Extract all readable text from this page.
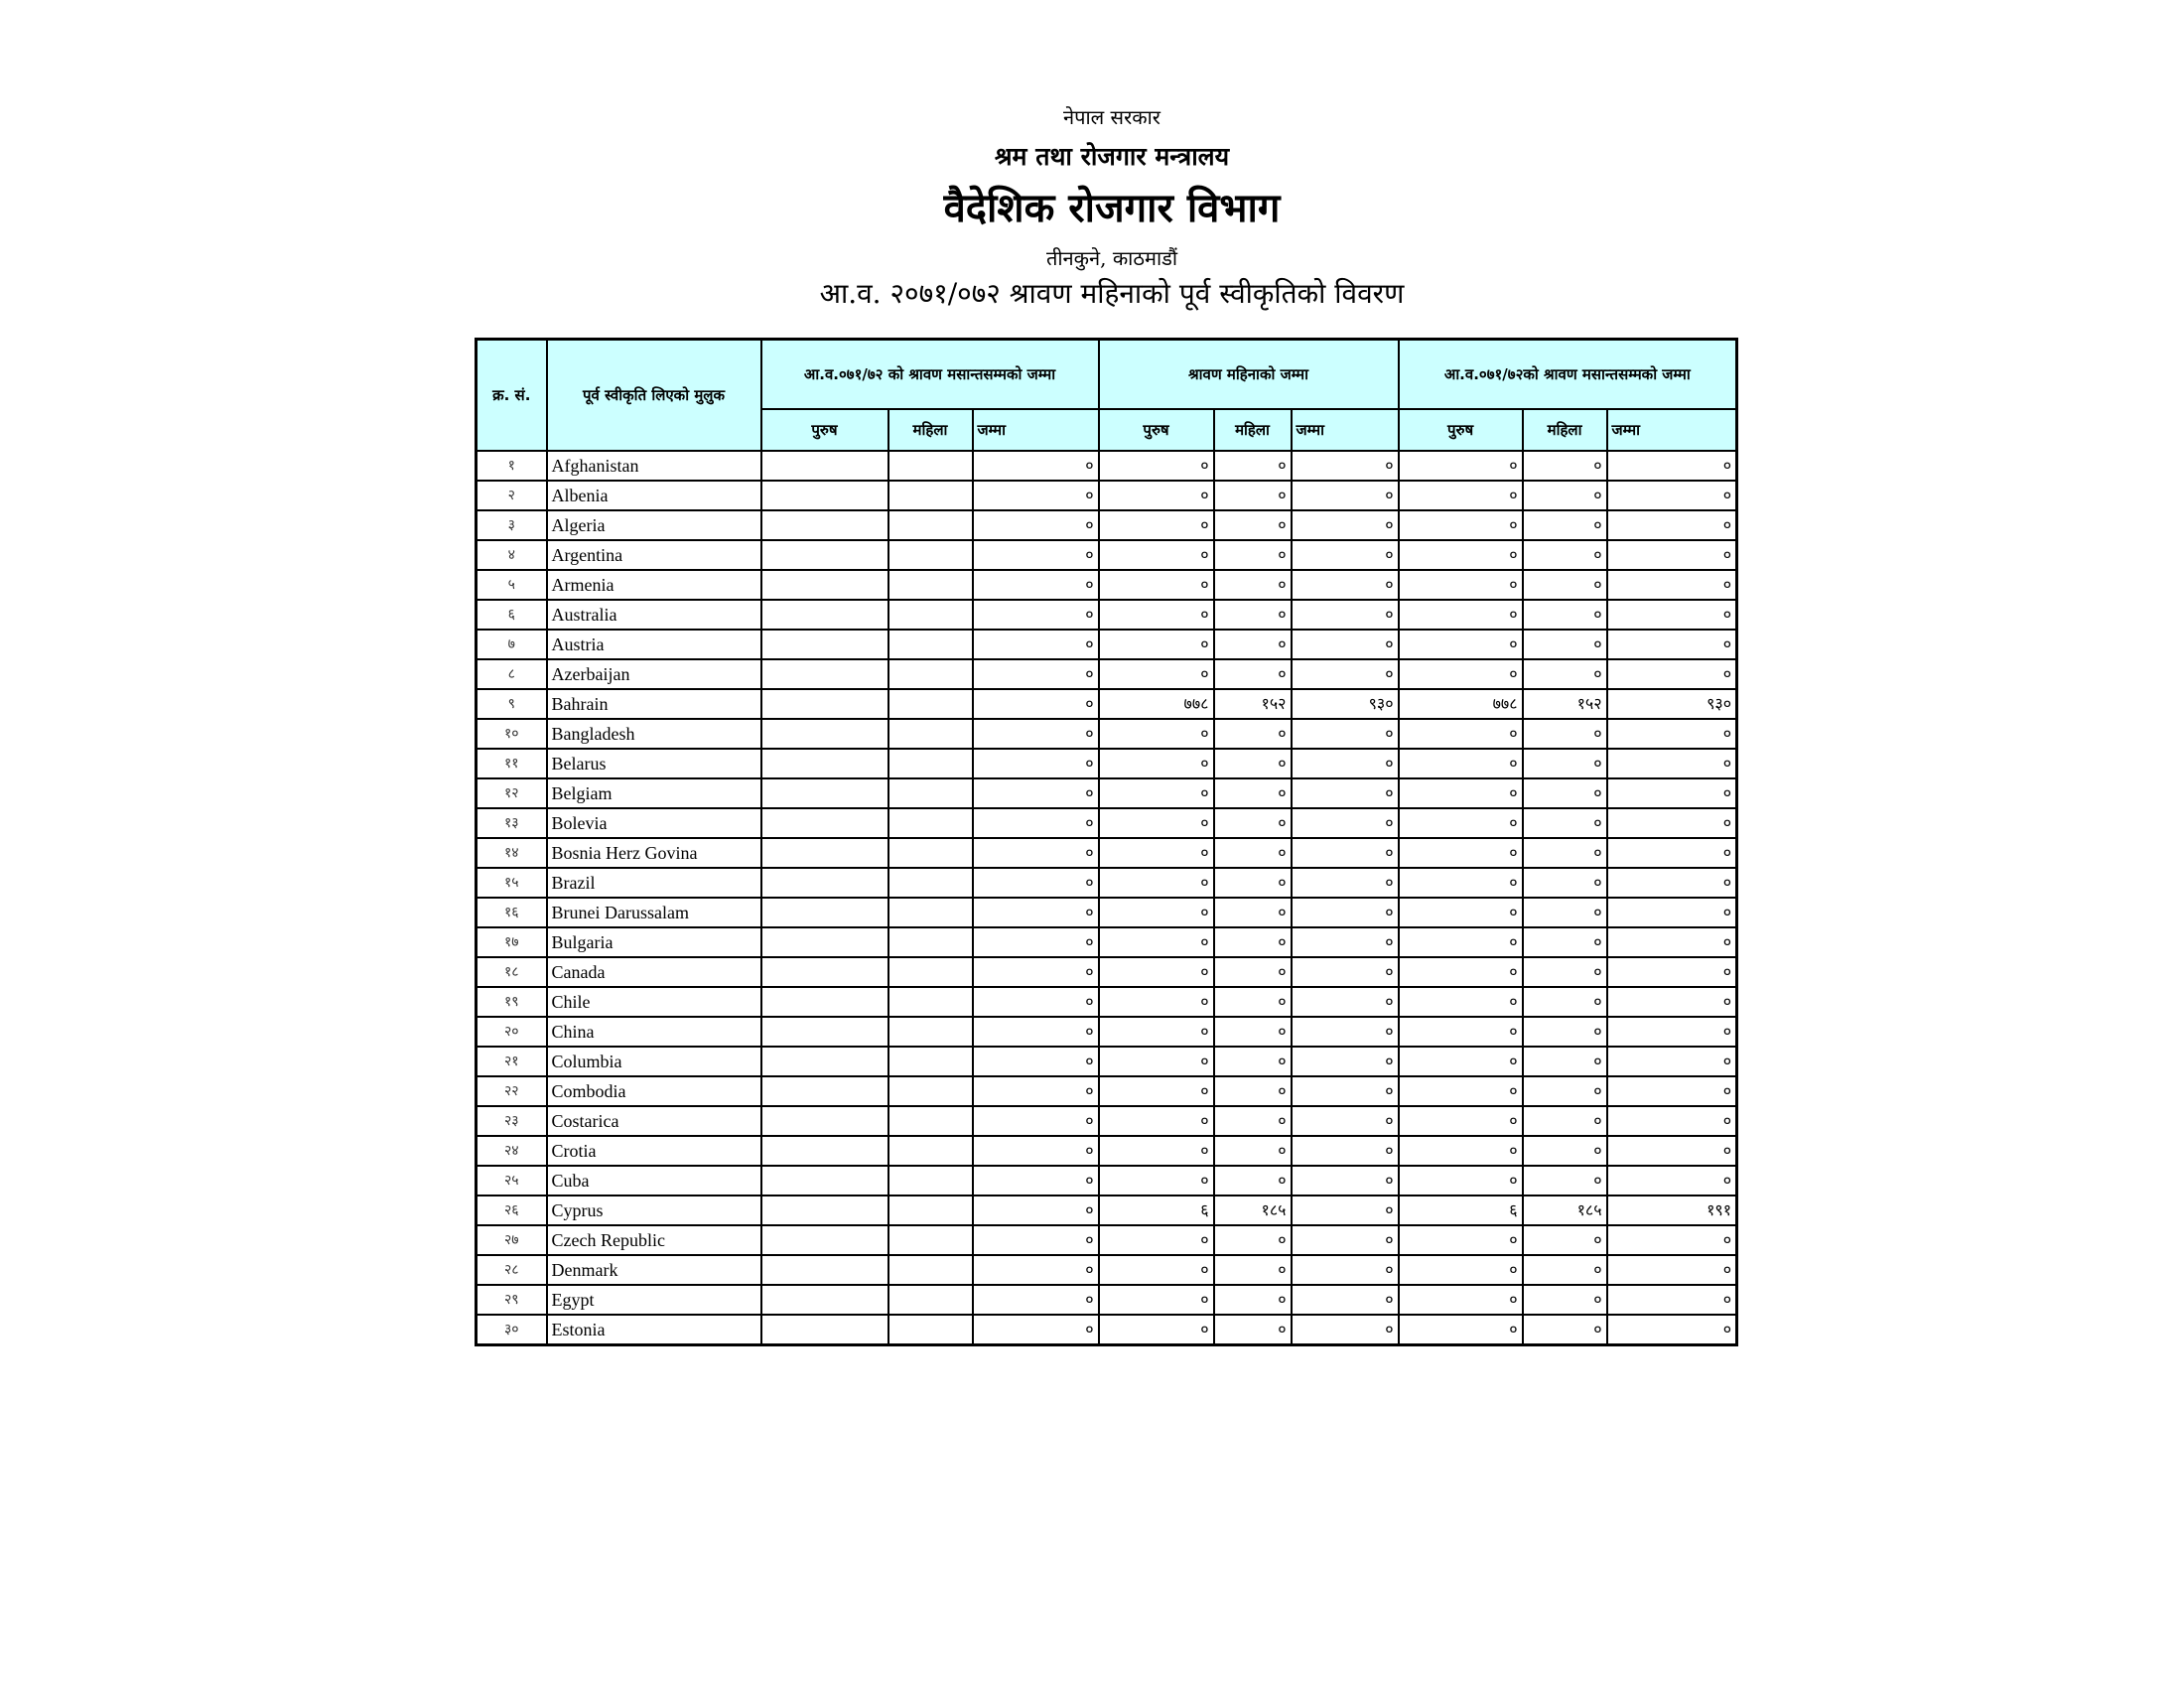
नेपाल सरकार
श्रम तथा रोजगार मन्त्रालय
वैदेशिक रोजगार विभाग
तीनकुने, काठमाडौं
आ.व. २०७१/०७२ श्रावण महिनाको पूर्व स्वीकृतिको विवरण
क्र. सं.	पूर्व स्वीकृति लिएको मुलुक	आ.व.०७१/७२ को श्रावण मसान्तसम्मको जम्मा			श्रावण महिनाको जम्मा			आ.व.०७१/७२को श्रावण मसान्तसम्मको जम्मा		
		पुरुष	महिला	जम्मा	पुरुष	महिला	जम्मा	पुरुष	महिला	जम्मा
१	Afghanistan			०	०	०	०	०	०	०
२	Albenia			०	०	०	०	०	०	०
३	Algeria			०	०	०	०	०	०	०
४	Argentina			०	०	०	०	०	०	०
५	Armenia			०	०	०	०	०	०	०
६	Australia			०	०	०	०	०	०	०
७	Austria			०	०	०	०	०	०	०
८	Azerbaijan			०	०	०	०	०	०	०
९	Bahrain			०	७७८	१५२	९३०	७७८	१५२	९३०
१०	Bangladesh			०	०	०	०	०	०	०
११	Belarus			०	०	०	०	०	०	०
१२	Belgiam			०	०	०	०	०	०	०
१३	Bolevia			०	०	०	०	०	०	०
१४	Bosnia Herz Govina			०	०	०	०	०	०	०
१५	Brazil			०	०	०	०	०	०	०
१६	Brunei Darussalam			०	०	०	०	०	०	०
१७	Bulgaria			०	०	०	०	०	०	०
१८	Canada			०	०	०	०	०	०	०
१९	Chile			०	०	०	०	०	०	०
२०	China			०	०	०	०	०	०	०
२१	Columbia			०	०	०	०	०	०	०
२२	Combodia			०	०	०	०	०	०	०
२३	Costarica			०	०	०	०	०	०	०
२४	Crotia			०	०	०	०	०	०	०
२५	Cuba			०	०	०	०	०	०	०
२६	Cyprus			०	६	१८५	०	६	१८५	१९१
२७	Czech Republic			०	०	०	०	०	०	०
२८	Denmark			०	०	०	०	०	०	०
२९	Egypt			०	०	०	०	०	०	०
३०	Estonia			०	०	०	०	०	०	०
